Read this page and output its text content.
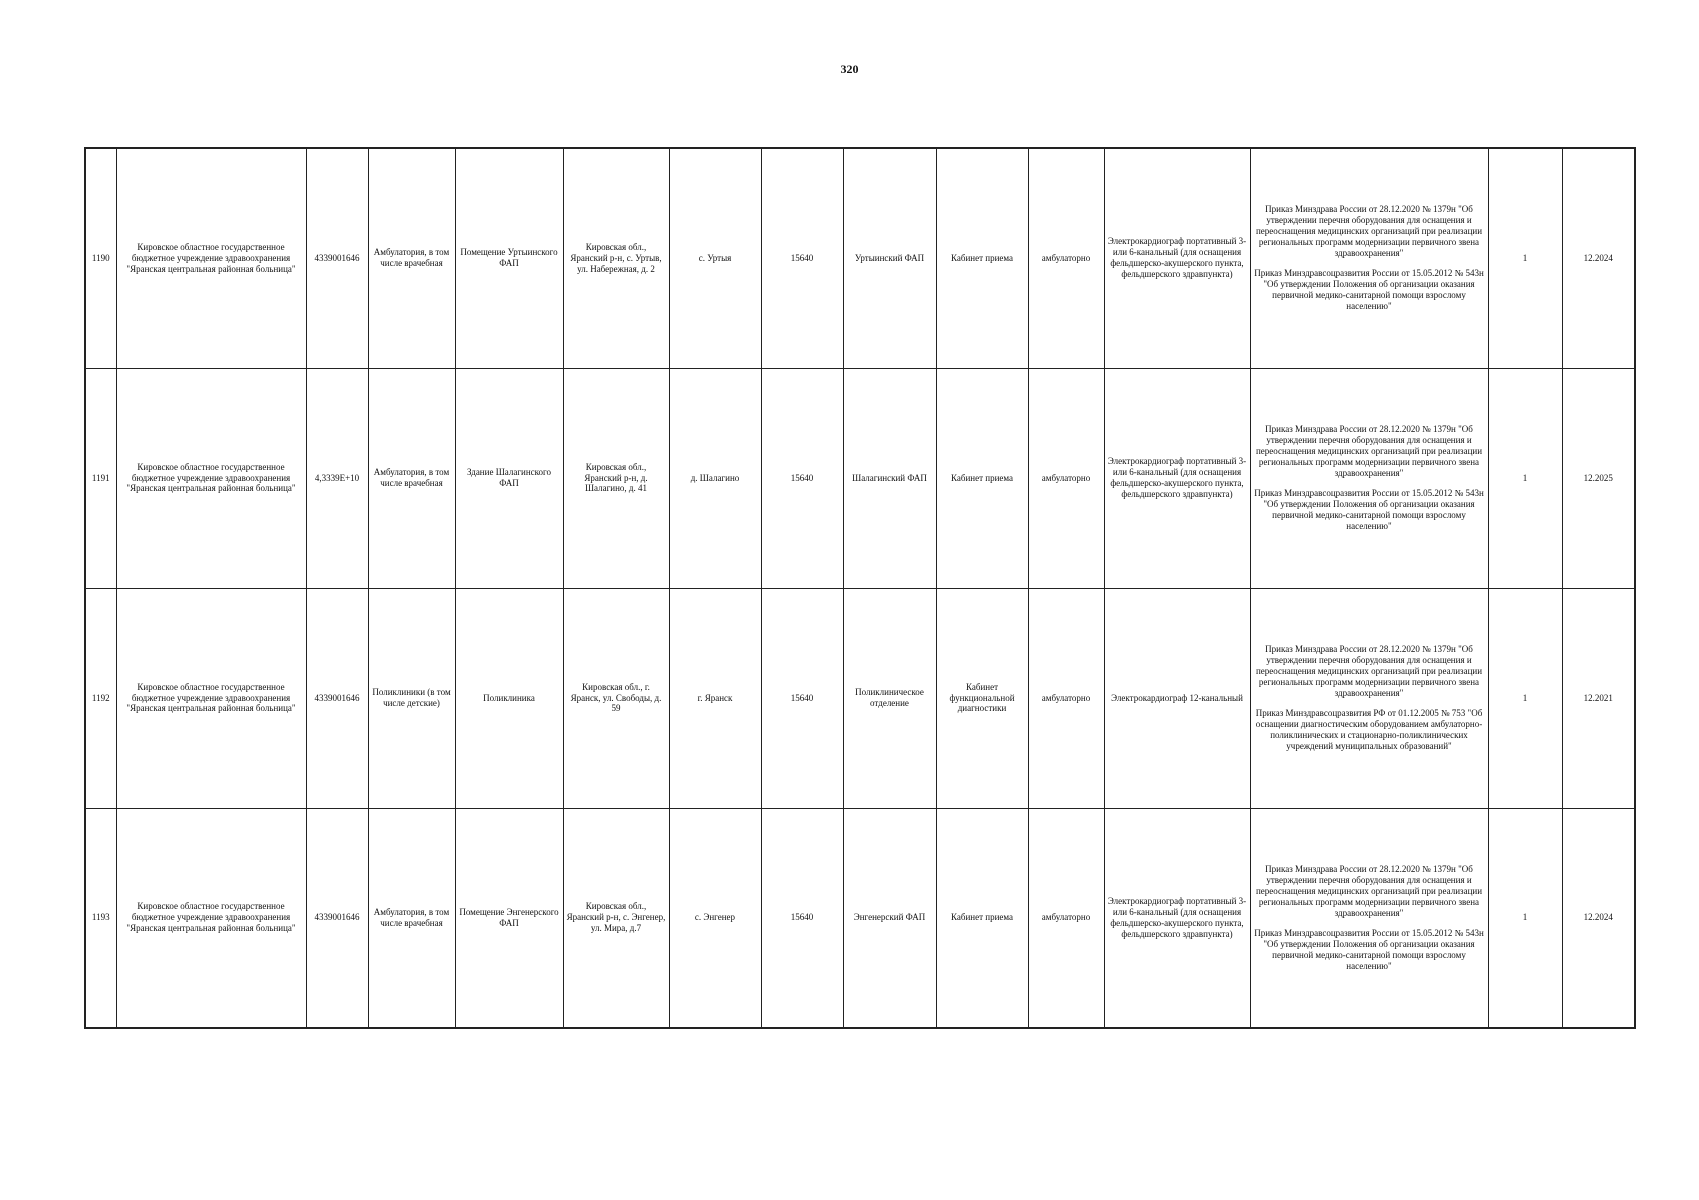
320
1190	Кировское областное государственное бюджетное учреждение здравоохранения "Яранская центральная районная больница"	4339001646	Амбулатория, в том числе врачебная	Помещение Уртыинского ФАП	Кировская обл., Яранский р-н, с. Уртыв, ул. Набережная, д. 2	с. Уртыя	15640	Уртыинский ФАП	Кабинет приема	амбулаторно	Электрокардиограф портативный 3- или 6-канальный (для оснащения фельдшерско-акушерского пункта, фельдшерского здравпункта)	Приказ Минздрава России от 28.12.2020 № 1379н "Об утверждении перечня оборудования для оснащения и переоснащения медицинских организаций при реализации региональных программ модернизации первичного звена здравоохранения"
Приказ Минздравсоцразвития России от 15.05.2012 № 543н "Об утверждении Положения об организации оказания первичной медико-санитарной помощи взрослому населению"	1	12.2024
1191	Кировское областное государственное бюджетное учреждение здравоохранения "Яранская центральная районная больница"	4,3339E+10	Амбулатория, в том числе врачебная	Здание Шалагинского ФАП	Кировская обл., Яранский р-н, д. Шалагино, д. 41	д. Шалагино	15640	Шалагинский ФАП	Кабинет приема	амбулаторно	Электрокардиограф портативный 3- или 6-канальный (для оснащения фельдшерско-акушерского пункта, фельдшерского здравпункта)	Приказ Минздрава России от 28.12.2020 № 1379н "Об утверждении перечня оборудования для оснащения и переоснащения медицинских организаций при реализации региональных программ модернизации первичного звена здравоохранения"
Приказ Минздравсоцразвития России от 15.05.2012 № 543н "Об утверждении Положения об организации оказания первичной медико-санитарной помощи взрослому населению"	1	12.2025
1192	Кировское областное государственное бюджетное учреждение здравоохранения "Яранская центральная районная больница"	4339001646	Поликлиники (в том числе детские)	Поликлиника	Кировская обл., г. Яранск, ул. Свободы, д. 59	г. Яранск	15640	Поликлиническое отделение	Кабинет функциональной диагностики	амбулаторно	Электрокардиограф 12-канальный	Приказ Минздрава России от 28.12.2020 № 1379н "Об утверждении перечня оборудования для оснащения и переоснащения медицинских организаций при реализации региональных программ модернизации первичного звена здравоохранения"
Приказ Минздравсоцразвития РФ от 01.12.2005 № 753 "Об оснащении диагностическим оборудованием амбулаторно-поликлинических и стационарно-поликлинических учреждений муниципальных образований"	1	12.2021
1193	Кировское областное государственное бюджетное учреждение здравоохранения "Яранская центральная районная больница"	4339001646	Амбулатория, в том числе врачебная	Помещение Энгенерского ФАП	Кировская обл., Яранский р-н, с. Энгенер, ул. Мира, д.7	с. Энгенер	15640	Энгенерский ФАП	Кабинет приема	амбулаторно	Электрокардиограф портативный 3- или 6-канальный (для оснащения фельдшерско-акушерского пункта, фельдшерского здравпункта)	Приказ Минздрава России от 28.12.2020 № 1379н "Об утверждении перечня оборудования для оснащения и переоснащения медицинских организаций при реализации региональных программ модернизации первичного звена здравоохранения"
Приказ Минздравсоцразвития России от 15.05.2012 № 543н "Об утверждении Положения об организации оказания первичной медико-санитарной помощи взрослому населению"	1	12.2024
